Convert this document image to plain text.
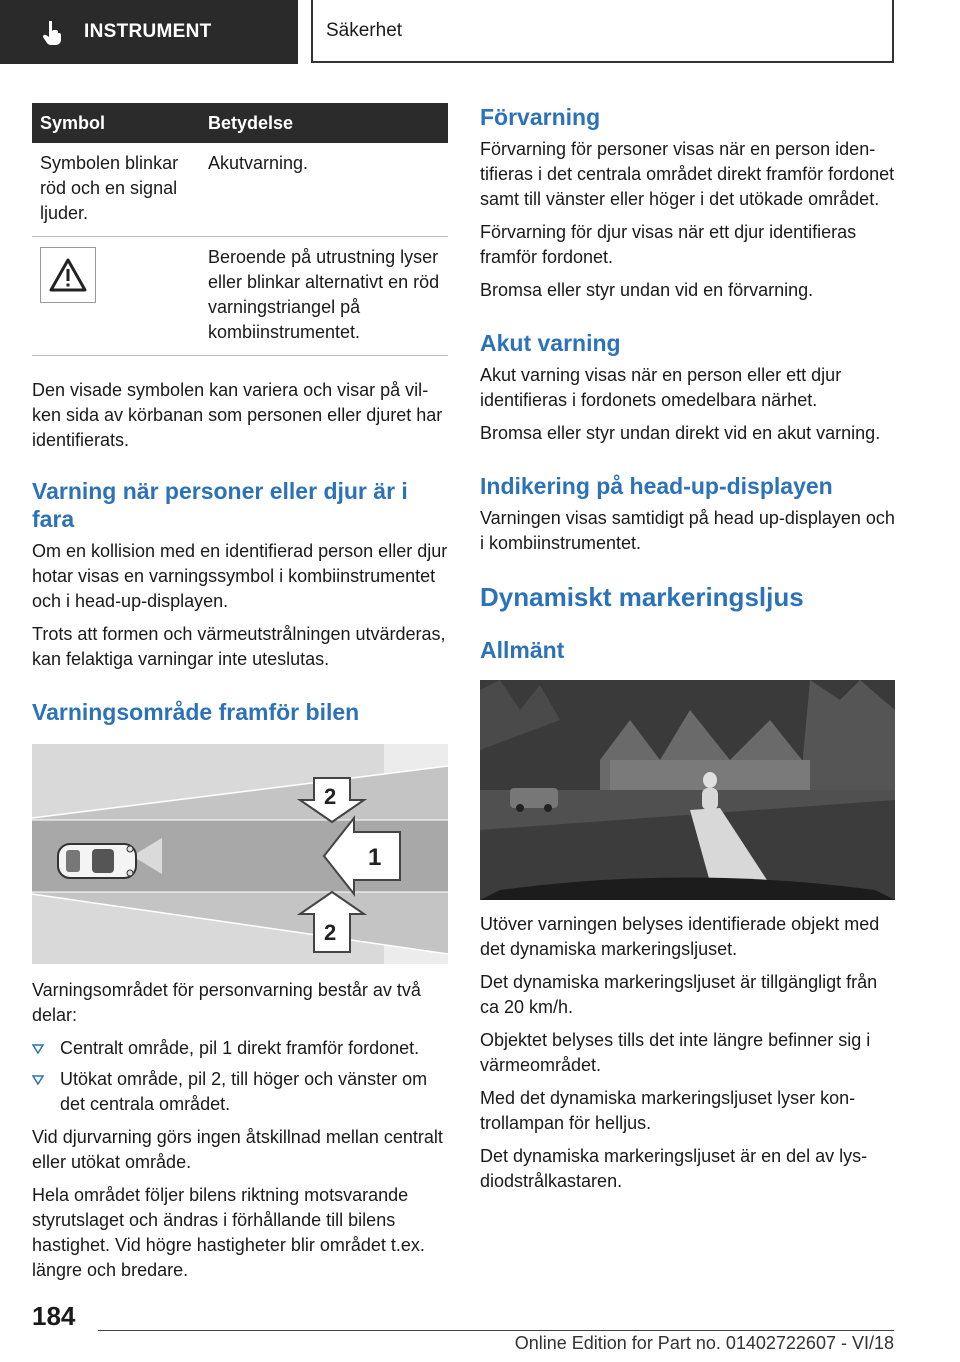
INSTRUMENT	Säkerhet
Symbol	Betydelse
Symbolen blinkar röd och en signal ljuder.	Akutvarning.

	Beroende på utrustning lyser eller blinkar alternativt en röd varningstriangel på kombiinstrumentet.

Den visade symbolen kan variera och visar på vilken sida av körbanan som personen eller djuret har identifierats.

Varning när personer eller djur är i fara

Om en kollision med en identifierad person eller djur hotar visas en varningssymbol i kombiinstrumentet och i head-up-displayen.

Trots att formen och värmeutstrålningen utvärderas, kan felaktiga varningar inte uteslutas.

Varningsområde framför bilen
1
2
2

Varningsområdet för personvarning består av två delar:

Centralt område, pil 1 direkt framför fordonet.
Utökat område, pil 2, till höger och vänster om det centrala området.

Vid djurvarning görs ingen åtskillnad mellan centralt eller utökat område.

Hela området följer bilens riktning motsvarande styrutslaget och ändras i förhållande till bilens hastighet. Vid högre hastigheter blir området t.ex. längre och bredare.

Förvarning

Förvarning för personer visas när en person identifieras i det centrala området direkt framför fordonet samt till vänster eller höger i det utökade området.

Förvarning för djur visas när ett djur identifieras framför fordonet.

Bromsa eller styr undan vid en förvarning.

Akut varning

Akut varning visas när en person eller ett djur identifieras i fordonets omedelbara närhet.

Bromsa eller styr undan direkt vid en akut varning.

Indikering på head-up-displayen

Varningen visas samtidigt på head up-displayen och i kombiinstrumentet.

Dynamiskt markeringsljus
Allmänt

Utöver varningen belyses identifierade objekt med det dynamiska markeringsljuset.

Det dynamiska markeringsljuset är tillgängligt från ca 20 km/h.

Objektet belyses tills det inte längre befinner sig i värmeområdet.

Med det dynamiska markeringsljuset lyser kontrollampan för helljus.

Det dynamiska markeringsljuset är en del av lysdiodstrålkastaren.

184
Online Edition for Part no. 01402722607 - VI/18
